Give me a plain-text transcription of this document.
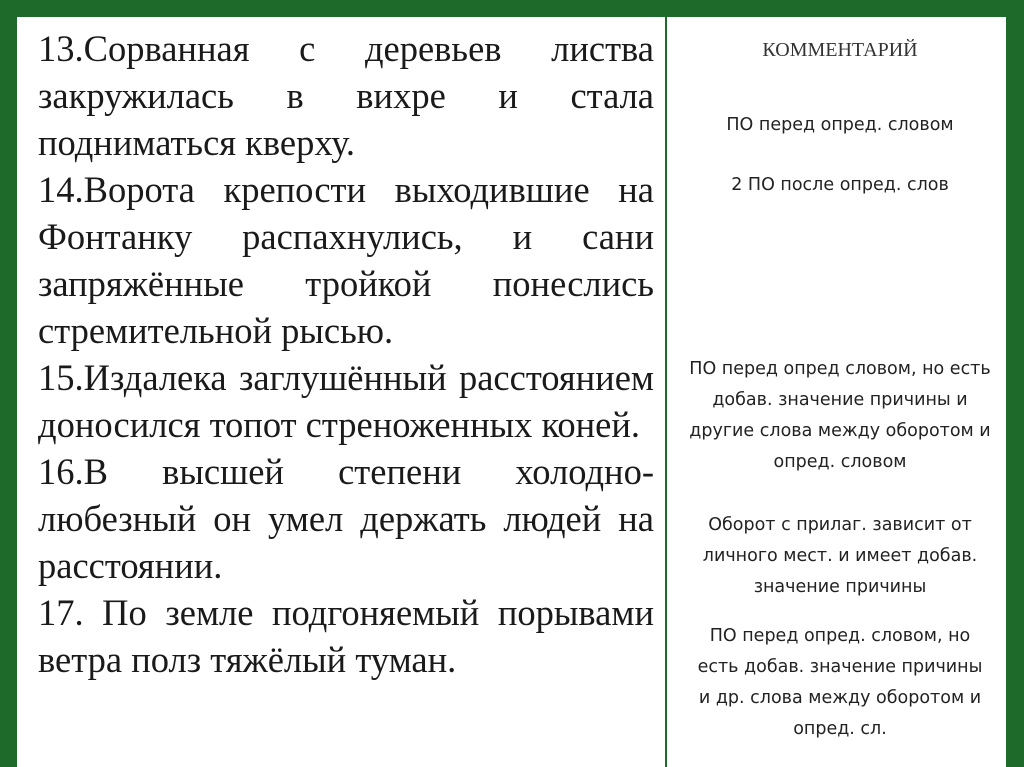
13.Сорванная с деревьев листва закружилась в вихре и стала подниматься кверху.

14.Ворота крепости выходившие на Фонтанку распахнулись, и сани запряжённые тройкой понеслись стремительной рысью.

15.Издалека заглушённый расстоянием доносился топот стреноженных коней.

16.В высшей степени холодно-любезный он умел держать людей на расстоянии.

17. По земле подгоняемый порывами ветра полз тяжёлый туман.

КОММЕНТАРИЙ
ПО перед опред. словом
2 ПО после опред. слов
ПО перед опред словом, но есть добав. значение причины и другие слова между оборотом и опред. словом
Оборот с прилаг. зависит от личного мест. и имеет добав. значение причины
ПО перед опред. словом, но есть добав. значение причины и др. слова между оборотом и опред. сл.
